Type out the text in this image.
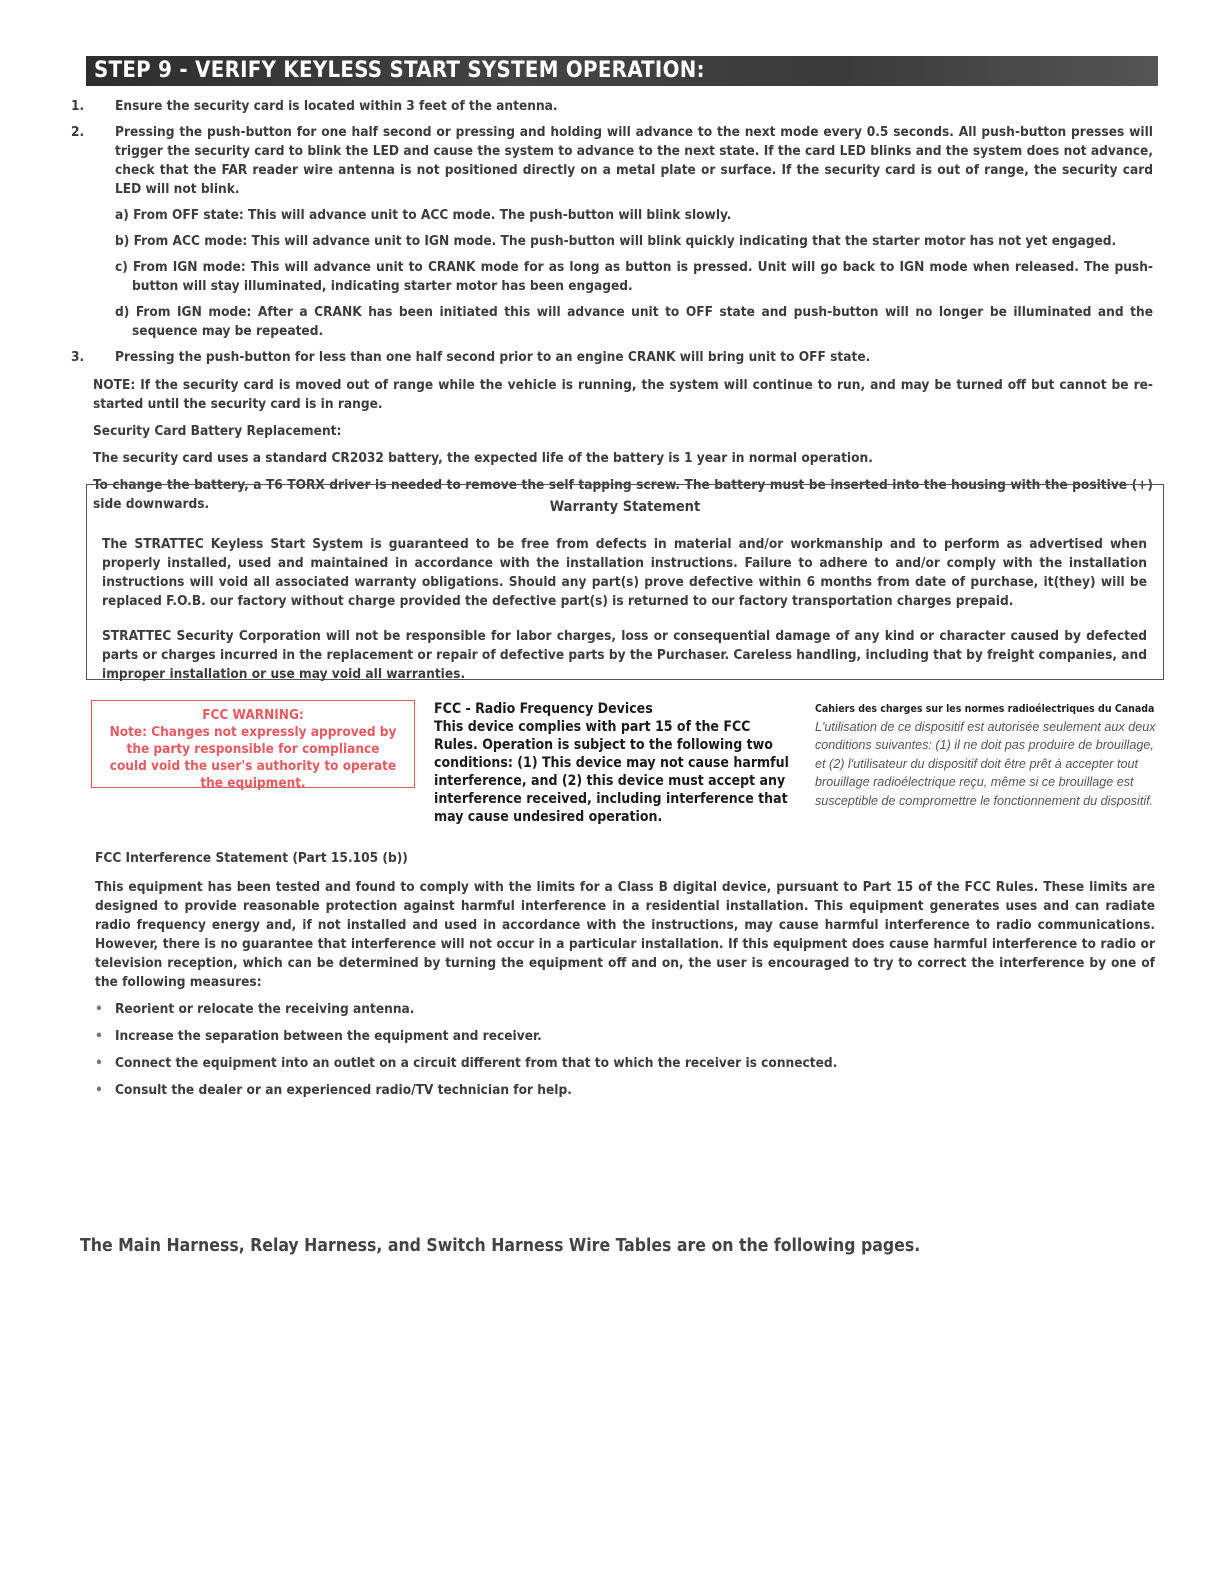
STEP 9 - VERIFY KEYLESS START SYSTEM OPERATION:

1. Ensure the security card is located within 3 feet of the antenna.

2. Pressing the push-button for one half second or pressing and holding will advance to the next mode every 0.5 seconds. All push-button presses will trigger the security card to blink the LED and cause the system to advance to the next state. If the card LED blinks and the system does not advance, check that the FAR reader wire antenna is not positioned directly on a metal plate or surface. If the security card is out of range, the security card LED will not blink.

a) From OFF state: This will advance unit to ACC mode. The push-button will blink slowly.

b) From ACC mode: This will advance unit to IGN mode. The push-button will blink quickly indicating that the starter motor has not yet engaged.

c) From IGN mode: This will advance unit to CRANK mode for as long as button is pressed. Unit will go back to IGN mode when released. The push-button will stay illuminated, indicating starter motor has been engaged.

d) From IGN mode: After a CRANK has been initiated this will advance unit to OFF state and push-button will no longer be illuminated and the sequence may be repeated.

3. Pressing the push-button for less than one half second prior to an engine CRANK will bring unit to OFF state.

NOTE: If the security card is moved out of range while the vehicle is running, the system will continue to run, and may be turned off but cannot be re-started until the security card is in range.

Security Card Battery Replacement:

The security card uses a standard CR2032 battery, the expected life of the battery is 1 year in normal operation.

To change the battery, a T6 TORX driver is needed to remove the self tapping screw. The battery must be inserted into the housing with the positive (+) side downwards.	Warranty Statement

The STRATTEC Keyless Start System is guaranteed to be free from defects in material and/or workmanship and to perform as advertised when properly installed, used and maintained in accordance with the installation instructions. Failure to adhere to and/or comply with the installation instructions will void all associated warranty obligations. Should any part(s) prove defective within 6 months from date of purchase, it(they) will be replaced F.O.B. our factory without charge provided the defective part(s) is returned to our factory transportation charges prepaid.

STRATTEC Security Corporation will not be responsible for labor charges, loss or consequential damage of any kind or character caused by defected parts or charges incurred in the replacement or repair of defective parts by the Purchaser. Careless handling, including that by freight companies, and improper installation or use may void all warranties.

FCC WARNING:
Note: Changes not expressly approved by the party responsible for compliance could void the user's authority to operate the equipment.
FCC - Radio Frequency Devices
This device complies with part 15 of the FCC Rules. Operation is subject to the following two conditions: (1) This device may not cause harmful interference, and (2) this device must accept any interference received, including interference that may cause undesired operation.
Cahiers des charges sur les normes radioélectriques du Canada
L'utilisation de ce dispositif est autorisée seulement aux deux conditions suivantes: (1) il ne doit pas produire de brouillage, et (2) l'utilisateur du dispositif doit être prêt à accepter tout brouillage radioélectrique reçu, même si ce brouillage est susceptible de compromettre le fonctionnement du dispositif.

FCC Interference Statement (Part 15.105 (b))

This equipment has been tested and found to comply with the limits for a Class B digital device, pursuant to Part 15 of the FCC Rules. These limits are designed to provide reasonable protection against harmful interference in a residential installation. This equipment generates uses and can radiate radio frequency energy and, if not installed and used in accordance with the instructions, may cause harmful interference to radio communications. However, there is no guarantee that interference will not occur in a particular installation. If this equipment does cause harmful interference to radio or television reception, which can be determined by turning the equipment off and on, the user is encouraged to try to correct the interference by one of the following measures:

• Reorient or relocate the receiving antenna.

• Increase the separation between the equipment and receiver.

• Connect the equipment into an outlet on a circuit different from that to which the receiver is connected.

• Consult the dealer or an experienced radio/TV technician for help.

The Main Harness, Relay Harness, and Switch Harness Wire Tables are on the following pages.
